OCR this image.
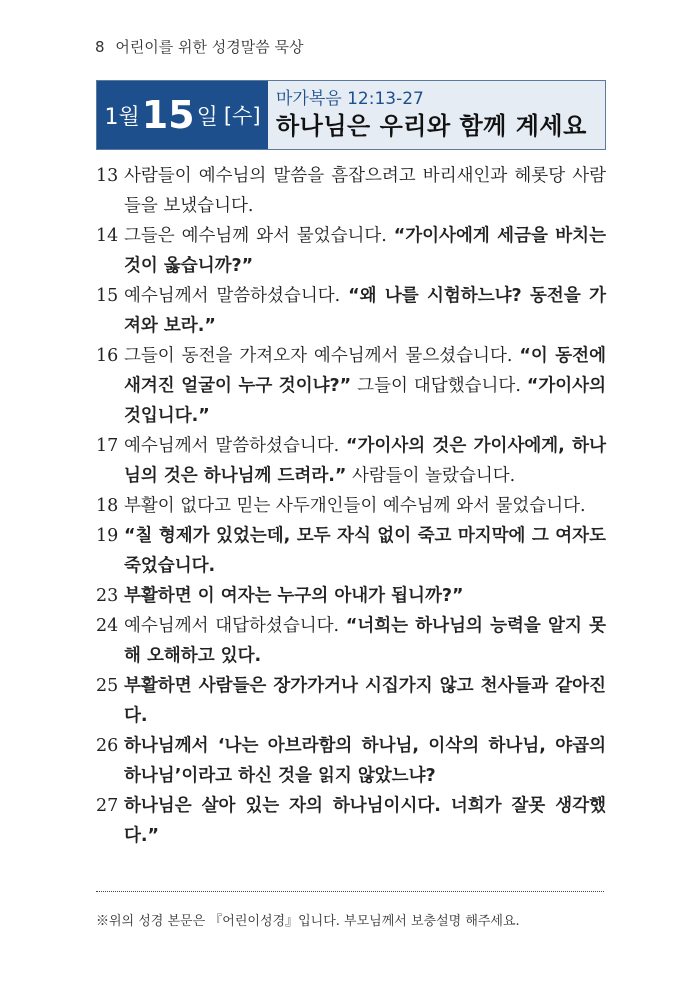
8 어린이를 위한 성경말씀 묵상
1월 15 일 [수]
마가복음 12:13-27
하나님은 우리와 함께 계세요
13 사람들이 예수님의 말씀을 흠잡으려고 바리새인과 헤롯당 사람들을 보냈습니다.
14 그들은 예수님께 와서 물었습니다. “가이사에게 세금을 바치는 것이 옳습니까?”
15 예수님께서 말씀하셨습니다. “왜 나를 시험하느냐? 동전을 가져와 보라.”
16 그들이 동전을 가져오자 예수님께서 물으셨습니다. “이 동전에 새겨진 얼굴이 누구 것이냐?” 그들이 대답했습니다. “가이사의 것입니다.”
17 예수님께서 말씀하셨습니다. “가이사의 것은 가이사에게, 하나님의 것은 하나님께 드려라.” 사람들이 놀랐습니다.
18 부활이 없다고 믿는 사두개인들이 예수님께 와서 물었습니다.
19 “칠 형제가 있었는데, 모두 자식 없이 죽고 마지막에 그 여자도 죽었습니다.
23 부활하면 이 여자는 누구의 아내가 됩니까?”
24 예수님께서 대답하셨습니다. “너희는 하나님의 능력을 알지 못해 오해하고 있다.
25 부활하면 사람들은 장가가거나 시집가지 않고 천사들과 같아진다.
26 하나님께서 ‘나는 아브라함의 하나님, 이삭의 하나님, 야곱의 하나님’이라고 하신 것을 읽지 않았느냐?
27 하나님은 살아 있는 자의 하나님이시다. 너희가 잘못 생각했다.”
※위의 성경 본문은 『어린이성경』입니다. 부모님께서 보충설명 해주세요.
